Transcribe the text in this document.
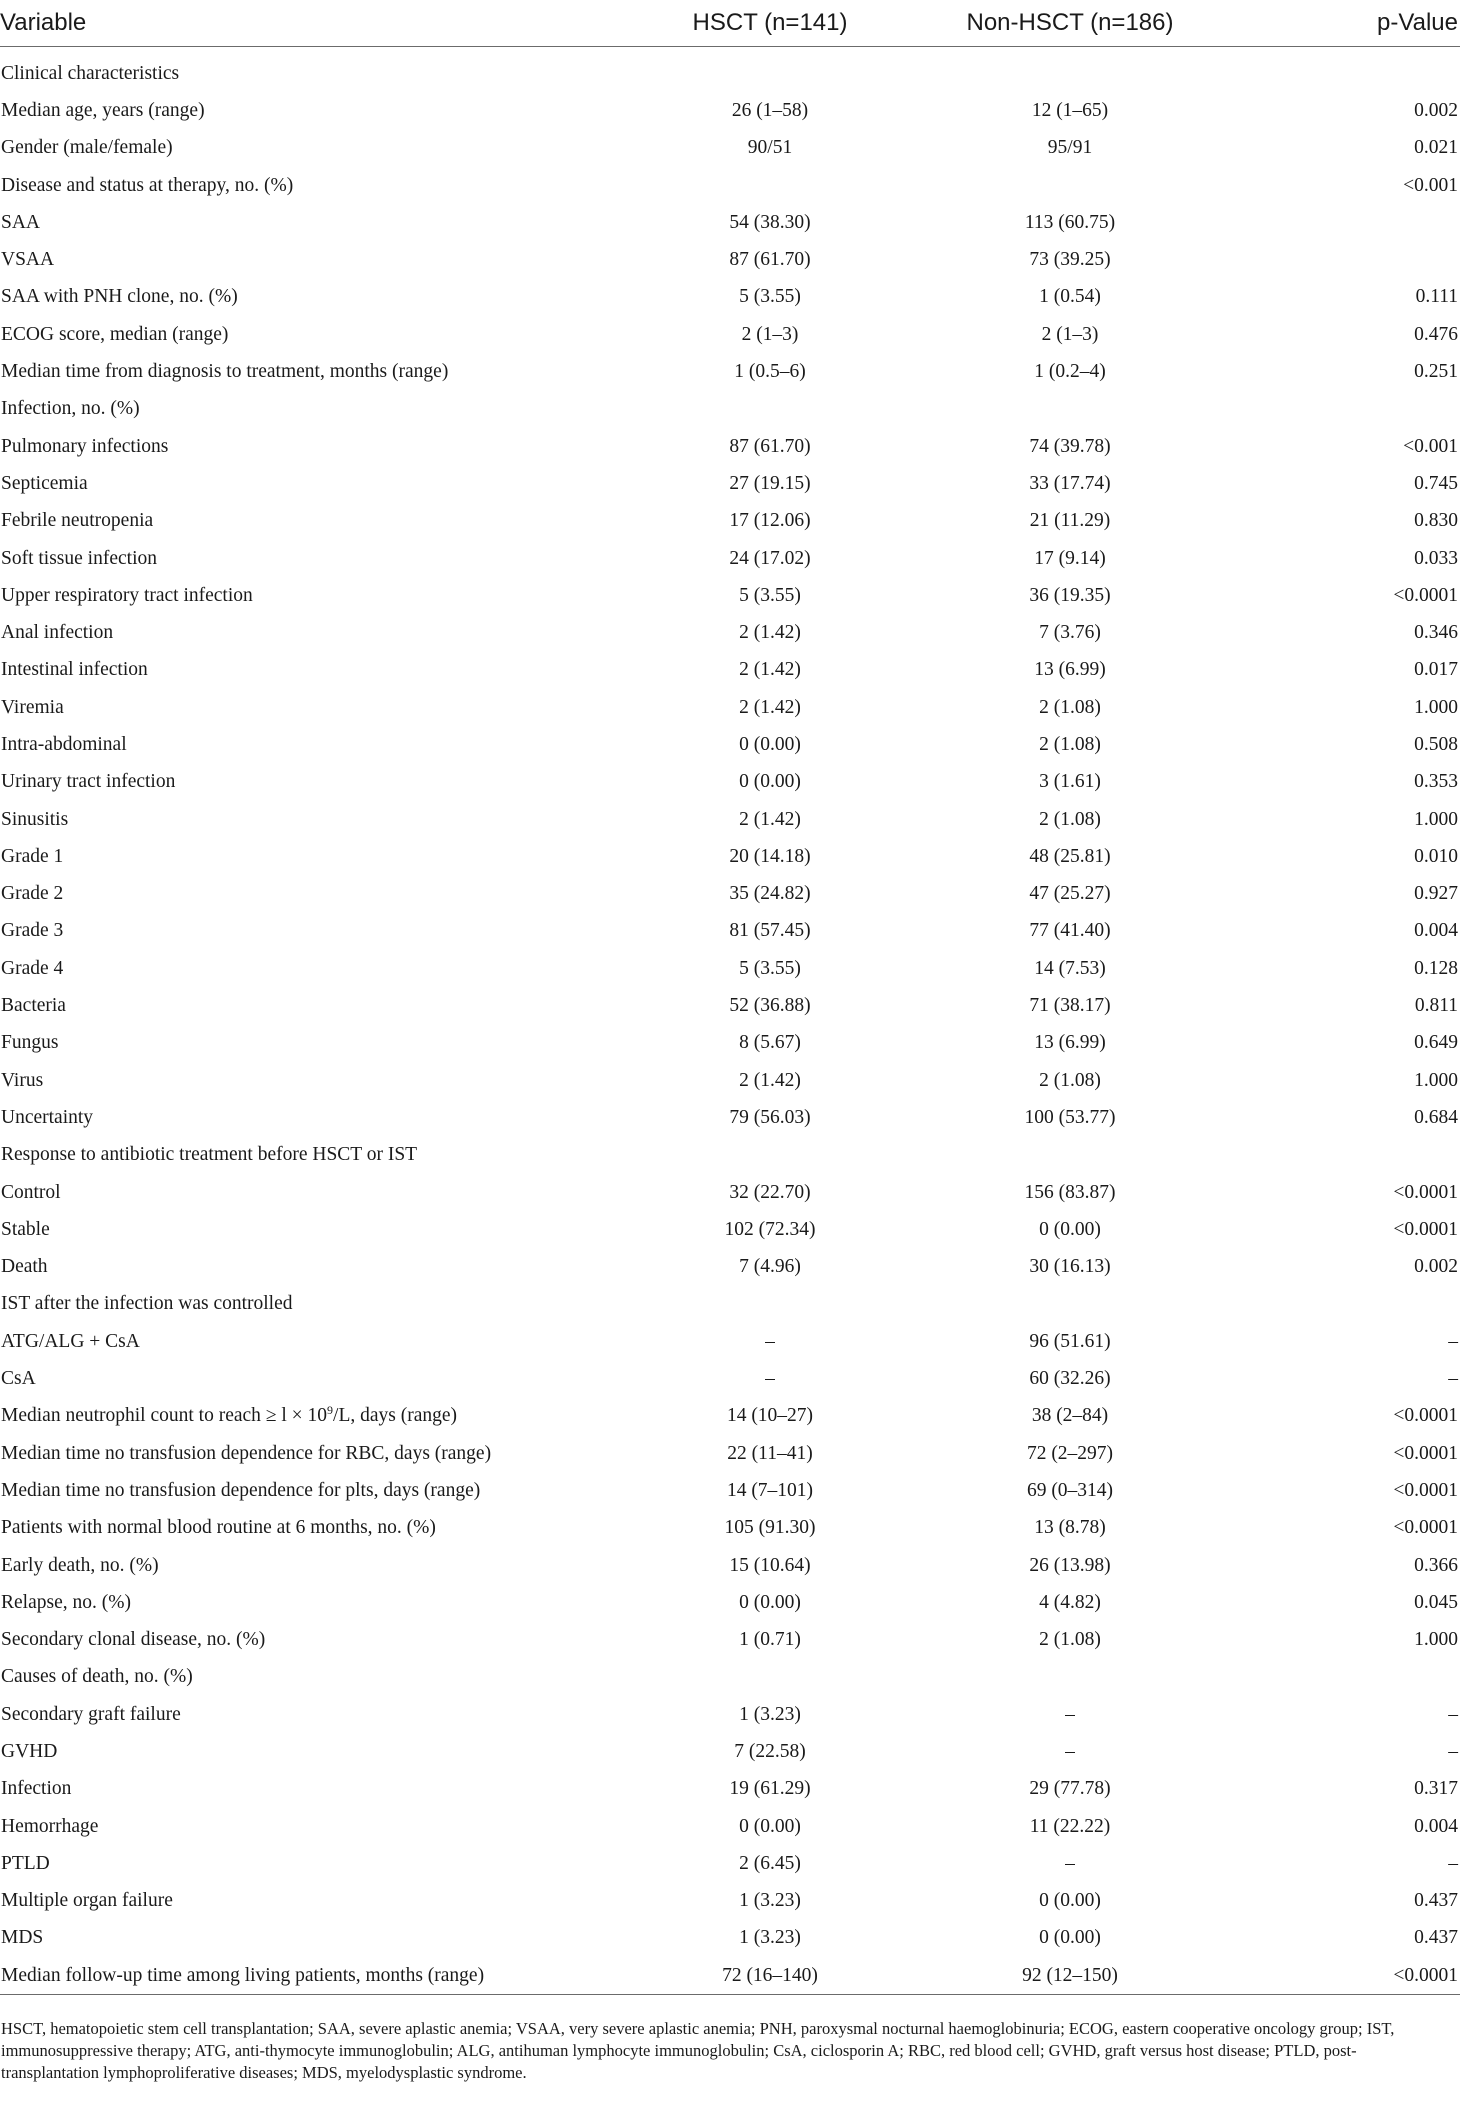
Variable	HSCT (n=141)	Non-HSCT (n=186)	p-Value

Clinical characteristics			
Median age, years (range)	26 (1–58)	12 (1–65)	0.002
Gender (male/female)	90/51	95/91	0.021
Disease and status at therapy, no. (%)			<0.001
SAA	54 (38.30)	113 (60.75)	
VSAA	87 (61.70)	73 (39.25)	
SAA with PNH clone, no. (%)	5 (3.55)	1 (0.54)	0.111
ECOG score, median (range)	2 (1–3)	2 (1–3)	0.476
Median time from diagnosis to treatment, months (range)	1 (0.5–6)	1 (0.2–4)	0.251
Infection, no. (%)			
Pulmonary infections	87 (61.70)	74 (39.78)	<0.001
Septicemia	27 (19.15)	33 (17.74)	0.745
Febrile neutropenia	17 (12.06)	21 (11.29)	0.830
Soft tissue infection	24 (17.02)	17 (9.14)	0.033
Upper respiratory tract infection	5 (3.55)	36 (19.35)	<0.0001
Anal infection	2 (1.42)	7 (3.76)	0.346
Intestinal infection	2 (1.42)	13 (6.99)	0.017
Viremia	2 (1.42)	2 (1.08)	1.000
Intra-abdominal	0 (0.00)	2 (1.08)	0.508
Urinary tract infection	0 (0.00)	3 (1.61)	0.353
Sinusitis	2 (1.42)	2 (1.08)	1.000
Grade 1	20 (14.18)	48 (25.81)	0.010
Grade 2	35 (24.82)	47 (25.27)	0.927
Grade 3	81 (57.45)	77 (41.40)	0.004
Grade 4	5 (3.55)	14 (7.53)	0.128
Bacteria	52 (36.88)	71 (38.17)	0.811
Fungus	8 (5.67)	13 (6.99)	0.649
Virus	2 (1.42)	2 (1.08)	1.000
Uncertainty	79 (56.03)	100 (53.77)	0.684
Response to antibiotic treatment before HSCT or IST			
Control	32 (22.70)	156 (83.87)	<0.0001
Stable	102 (72.34)	0 (0.00)	<0.0001
Death	7 (4.96)	30 (16.13)	0.002
IST after the infection was controlled			
ATG/ALG + CsA	–	96 (51.61)	–
CsA	–	60 (32.26)	–
Median neutrophil count to reach ≥ $l \times 10^9/L$, days (range)	14 (10–27)	38 (2–84)	<0.0001
Median time no transfusion dependence for RBC, days (range)	22 (11–41)	72 (2–297)	<0.0001
Median time no transfusion dependence for plts, days (range)	14 (7–101)	69 (0–314)	<0.0001
Patients with normal blood routine at 6 months, no. (%)	105 (91.30)	13 (8.78)	<0.0001
Early death, no. (%)	15 (10.64)	26 (13.98)	0.366
Relapse, no. (%)	0 (0.00)	4 (4.82)	0.045
Secondary clonal disease, no. (%)	1 (0.71)	2 (1.08)	1.000
Causes of death, no. (%)			
Secondary graft failure	1 (3.23)	–	–
GVHD	7 (22.58)	–	–
Infection	19 (61.29)	29 (77.78)	0.317
Hemorrhage	0 (0.00)	11 (22.22)	0.004
PTLD	2 (6.45)	–	–
Multiple organ failure	1 (3.23)	0 (0.00)	0.437
MDS	1 (3.23)	0 (0.00)	0.437
Median follow-up time among living patients, months (range)	72 (16–140)	92 (12–150)	<0.0001
HSCT, hematopoietic stem cell transplantation; SAA, severe aplastic anemia; VSAA, very severe aplastic anemia; PNH, paroxysmal nocturnal haemoglobinuria; ECOG, eastern cooperative oncology group; IST, immunosuppressive therapy; ATG, anti-thymocyte immunoglobulin; ALG, antihuman lymphocyte immunoglobulin; CsA, ciclosporin A; RBC, red blood cell; GVHD, graft versus host disease; PTLD, post-transplantation lymphoproliferative diseases; MDS, myelodysplastic syndrome.
